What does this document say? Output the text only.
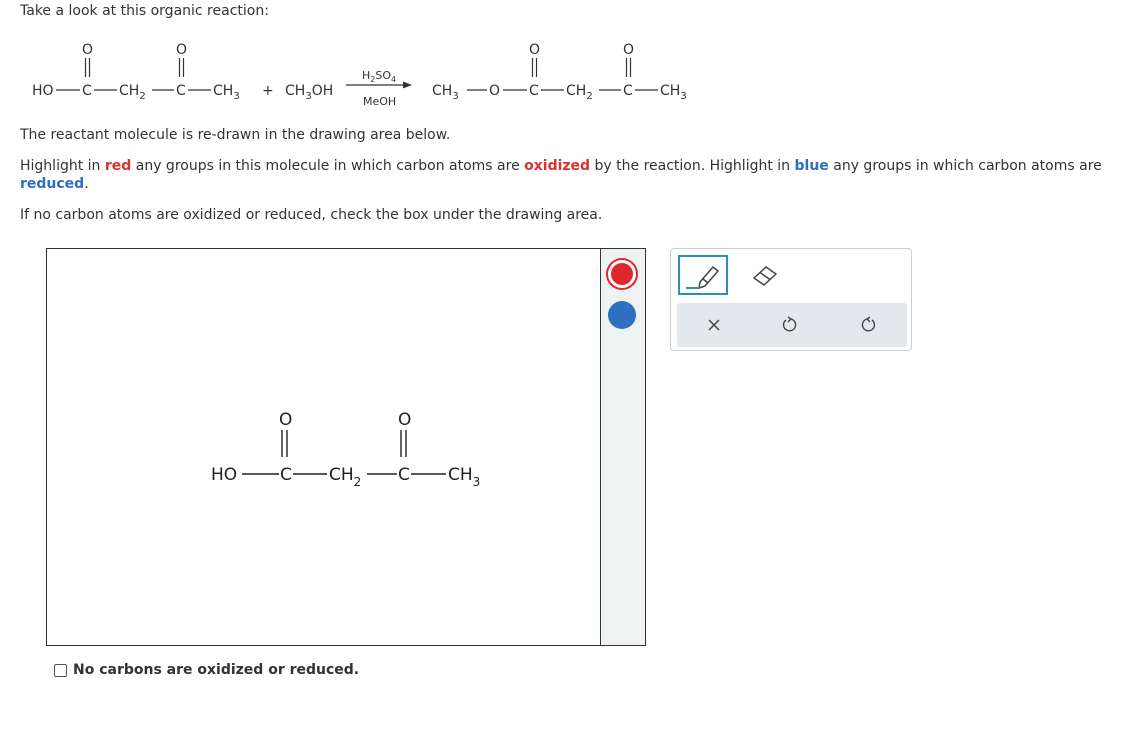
Take a look at this organic reaction:
HO C
O
$CH_2$ C
O
$CH_3 + CH_3OH$
$H_2SO_4$
MeOH
$CH_3$ O C
O
$CH_2$ C
O
$CH_3$
The reactant molecule is re-drawn in the drawing area below.
Highlight in red any groups in this molecule in which carbon atoms are oxidized by the reaction. Highlight in blue any groups in which carbon atoms are reduced.
If no carbon atoms are oxidized or reduced, check the box under the drawing area.
HO	C
O
$CH_2$ C
O
$CH_3$
No carbons are oxidized or reduced.
